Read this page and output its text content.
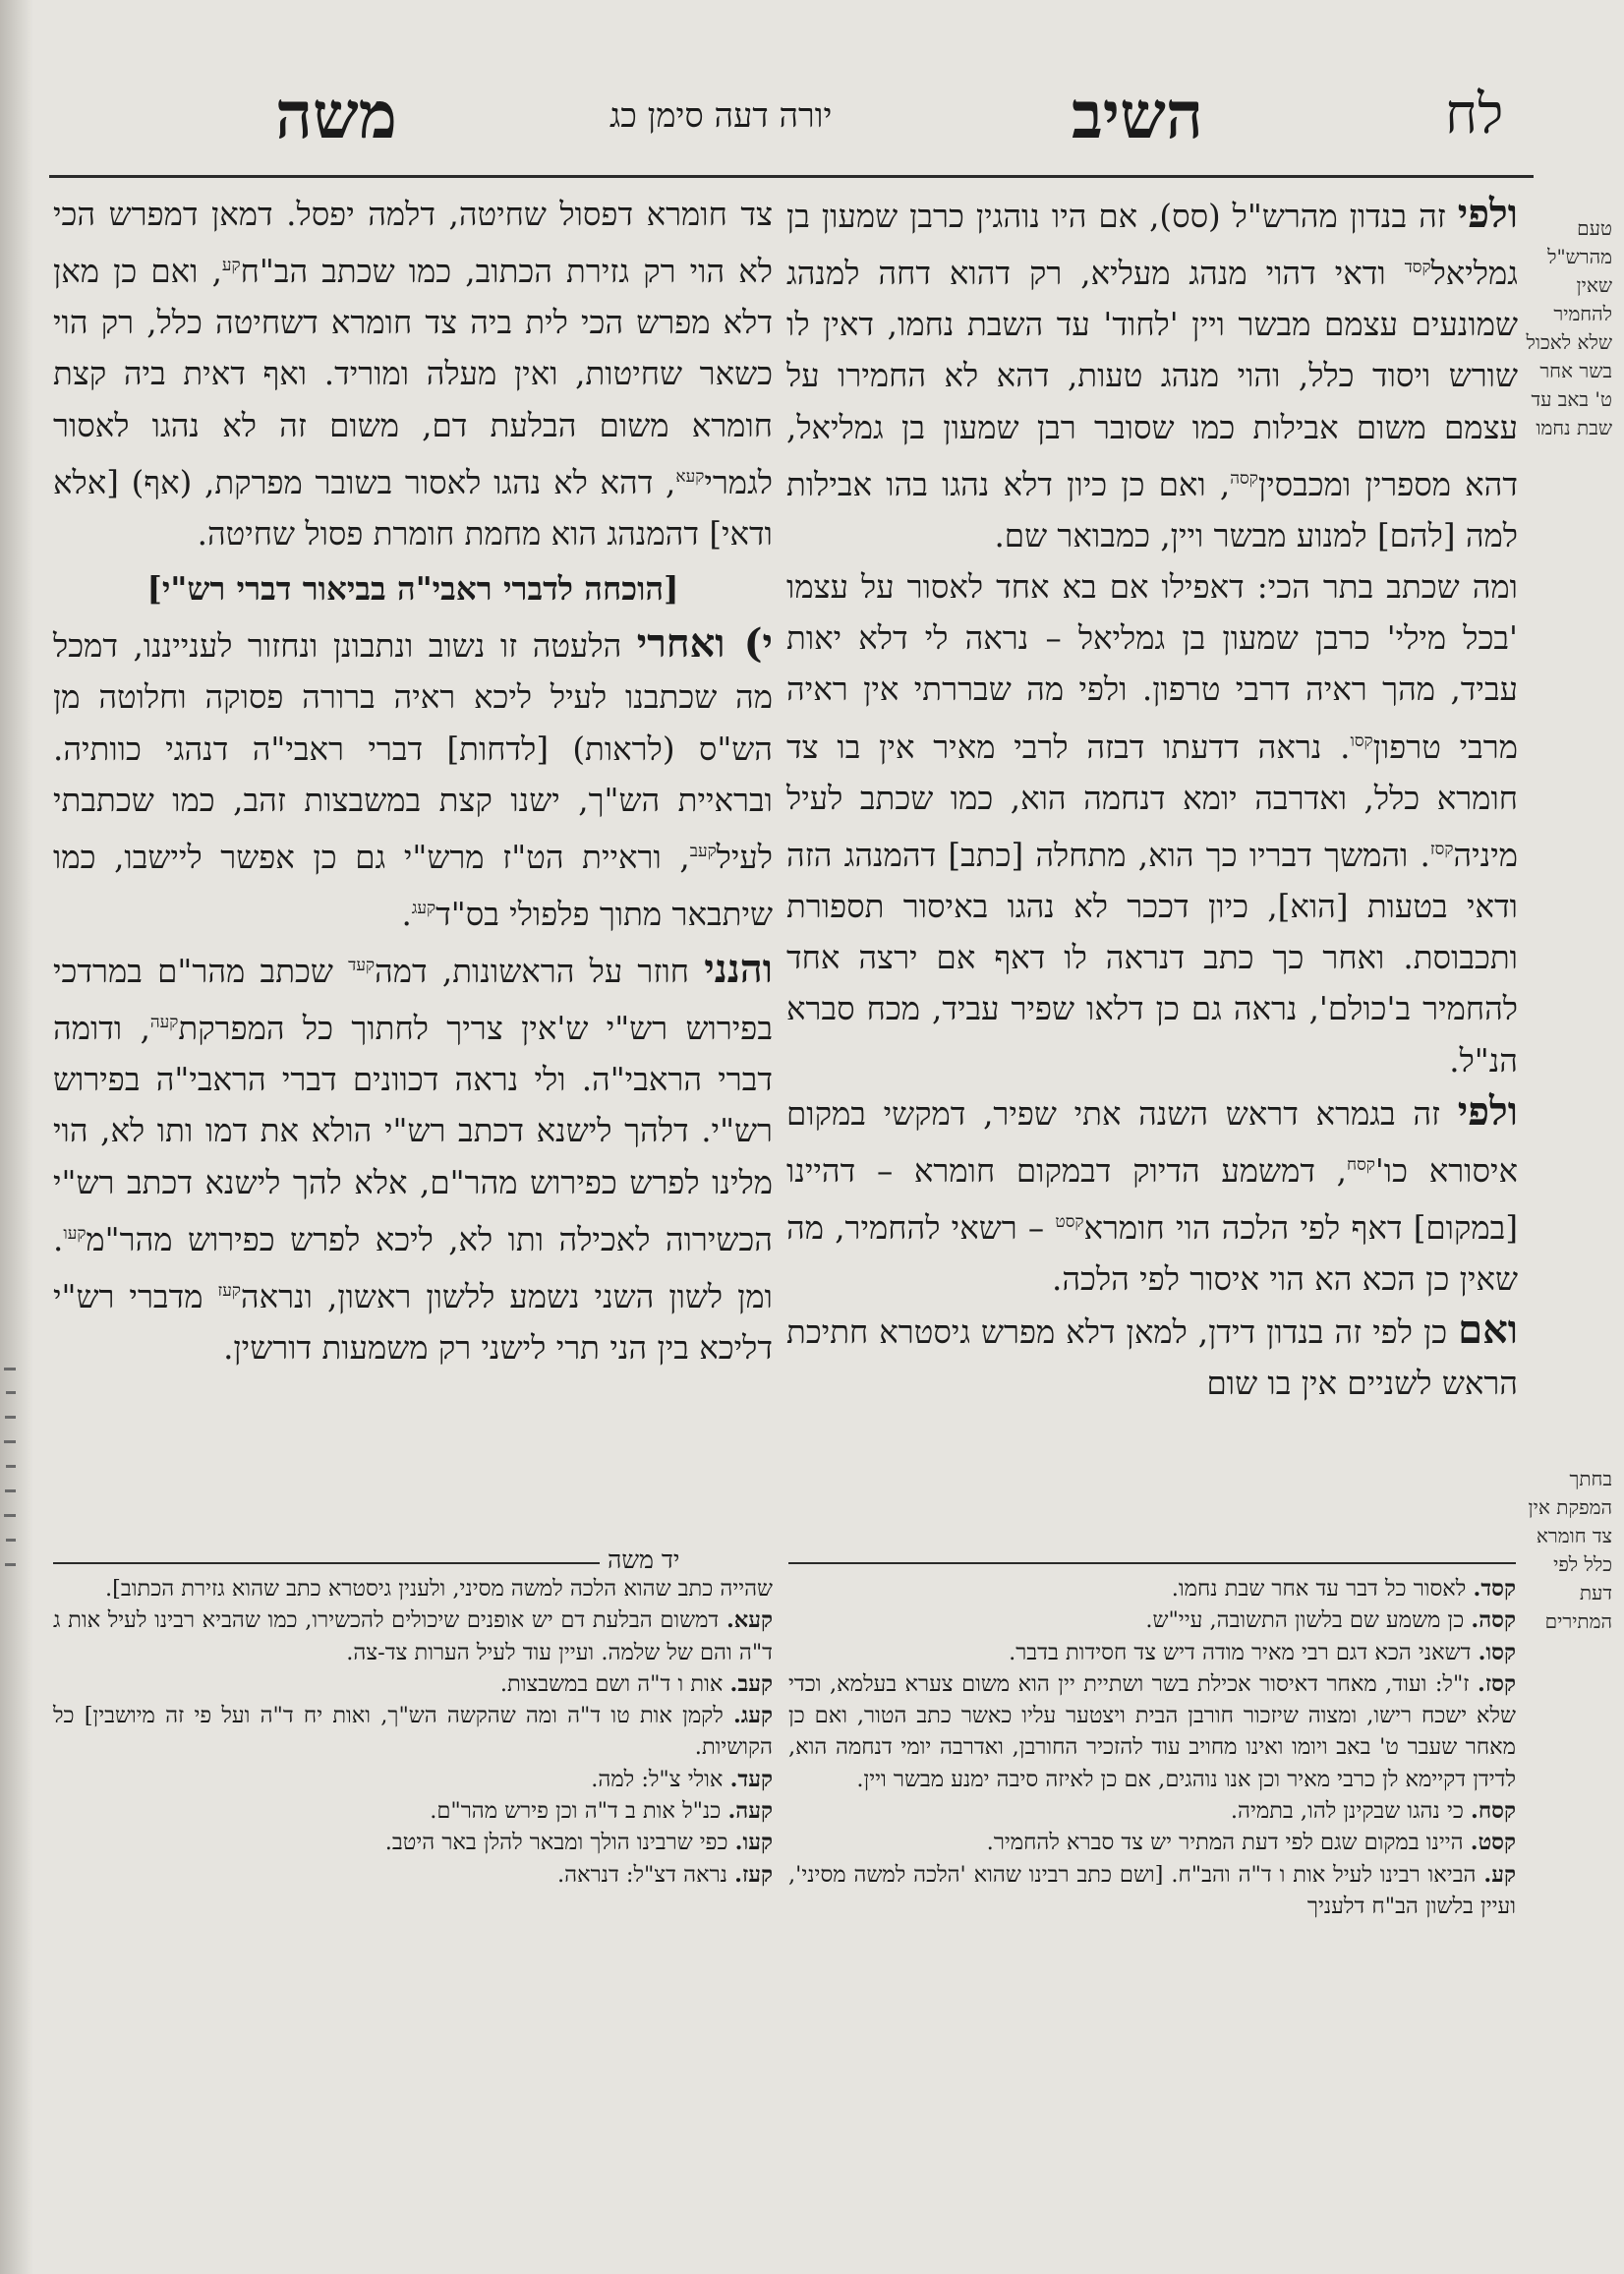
משה	יורה דעה סימן כג	השיב	לח
טעם מהרש"ל שאין להחמיר שלא לאכול בשר אחר ט' באב עד שבת נחמו
בחתך המפקת אין צד חומרא כלל לפי דעת המתירים

ולפי זה בנדון מהרש"ל (סס), אם היו נוהגין כרבן שמעון בן גמליאל$^{קסד}$ ודאי דהוי מנהג מעליא, רק דהוא דחה למנהג שמונעים עצמם מבשר ויין 'לחוד' עד השבת נחמו, דאין לו שורש ויסוד כלל, והוי מנהג טעות, דהא לא החמירו על עצמם משום אבילות כמו שסובר רבן שמעון בן גמליאל, דהא מספרין ומכבסין$^{קסה}$, ואם כן כיון דלא נהגו בהו אבילות למה [להם] למנוע מבשר ויין, כמבואר שם.

ומה שכתב בתר הכי: דאפילו אם בא אחד לאסור על עצמו 'בכל מילי' כרבן שמעון בן גמליאל – נראה לי דלא יאות עביד, מהך ראיה דרבי טרפון. ולפי מה שבררתי אין ראיה מרבי טרפון$^{קסו}$. נראה דדעתו דבזה לרבי מאיר אין בו צד חומרא כלל, ואדרבה יומא דנחמה הוא, כמו שכתב לעיל מיניה$^{קסז}$. והמשך דבריו כך הוא, מתחלה [כתב] דהמנהג הזה ודאי בטעות [הוא], כיון דככר לא נהגו באיסור תספורת ותכבוסת. ואחר כך כתב דנראה לו דאף אם ירצה אחד להחמיר ב'כולם', נראה גם כן דלאו שפיר עביד, מכח סברא הנ"ל.

ולפי זה בגמרא דראש השנה אתי שפיר, דמקשי במקום איסורא $כו'^{קסח}$, דמשמע הדיוק דבמקום חומרא – דהיינו [במקום] דאף לפי הלכה הוי חומרא$^{קסט}$ – רשאי להחמיר, מה שאין כן הכא הא הוי איסור לפי הלכה.

ואם כן לפי זה בנדון דידן, למאן דלא מפרש גיסטרא חתיכת הראש לשניים אין בו שום

צד חומרא דפסול שחיטה, דלמה יפסל. דמאן דמפרש הכי לא הוי רק גזירת הכתוב, כמו שכתב הב"ח$^{קע}$, ואם כן מאן דלא מפרש הכי לית ביה צד חומרא דשחיטה כלל, רק הוי כשאר שחיטות, ואין מעלה ומוריד. ואף דאית ביה קצת חומרא משום הבלעת דם, משום זה לא נהגו לאסור לגמרי$^{קעא}$, דהא לא נהגו לאסור בשובר מפרקת, (אף) [אלא ודאי] דהמנהג הוא מחמת חומרת פסול שחיטה.

[הוכחה לדברי ראבי"ה בביאור דברי רש"י]

י) ואחרי הלעטה זו נשוב ונתבונן ונחזור לענייננו, דמכל מה שכתבנו לעיל ליכא ראיה ברורה פסוקה וחלוטה מן הש"ס (לראות) [לדחות] דברי ראבי"ה דנהגי כוותיה. ובראיית הש"ך, ישנו קצת במשבצות זהב, כמו שכתבתי לעיל$^{קעב}$, וראיית הט"ז מרש"י גם כן אפשר ליישבו, כמו שיתבאר מתוך פלפולי בס"ד$^{קעג}$.

והנני חוזר על הראשונות, דמה$^{קעד}$ שכתב מהר"ם במרדכי בפירוש רש"י ש'אין צריך לחתוך כל המפרקת$^{קעה}$, ודומה דברי הראבי"ה. ולי נראה דכוונים דברי הראבי"ה בפירוש רש"י. דלהך לישנא דכתב רש"י הולא את דמו ותו לא, הוי מלינו לפרש כפירוש מהר"ם, אלא להך לישנא דכתב רש"י הכשירוה לאכילה ותו לא, ליכא לפרש כפירוש מהר"מ$^{קעו}$. ומן לשון השני נשמע ללשון ראשון, ונראה$^{קעז}$ מדברי רש"י דליכא בין הני תרי לישני רק משמעות דורשין.

יד משה

קסד. לאסור כל דבר עד אחר שבת נחמו.

קסה. כן משמע שם בלשון התשובה, עיי"ש.

קסו. דשאני הכא דגם רבי מאיר מודה דיש צד חסידות בדבר.

קסז. ז"ל: ועוד, מאחר דאיסור אכילת בשר ושתיית יין הוא משום צערא בעלמא, וכדי שלא ישכח רישו, ומצוה שיזכור חורבן הבית ויצטער עליו כאשר כתב הטור, ואם כן מאחר שעבר ט' באב ויומו ואינו מחויב עוד להזכיר החורבן, ואדרבה יומי דנחמה הוא, לדידן דקיימא לן כרבי מאיר וכן אנו נוהגים, אם כן לאיזה סיבה ימנע מבשר ויין.

קסח. כי נהגו שבקינן להו, בתמיה.

קסט. היינו במקום שגם לפי דעת המתיר יש צד סברא להחמיר.

קע. הביאו רבינו לעיל אות ו ד"ה והב"ח. [ושם כתב רבינו שהוא 'הלכה למשה מסיני', ועיין בלשון הב"ח דלעניך

שהייה כתב שהוא הלכה למשה מסיני, ולענין גיסטרא כתב שהוא גזירת הכתוב].

קעא. דמשום הבלעת דם יש אופנים שיכולים להכשירו, כמו שהביא רבינו לעיל אות ג ד"ה והם של שלמה. ועיין עוד לעיל הערות צד-צה.

קעב. אות ו ד"ה ושם במשבצות.

קעג. לקמן אות טו ד"ה ומה שהקשה הש"ך, ואות יח ד"ה ועל פי זה מיושבין] כל הקושיות.

קעד. אולי צ"ל: למה.

קעה. כנ"ל אות ב ד"ה וכן פירש מהר"ם.

קעו. כפי שרבינו הולך ומבאר להלן באר היטב.

קעז. נראה דצ"ל: דנראה.
